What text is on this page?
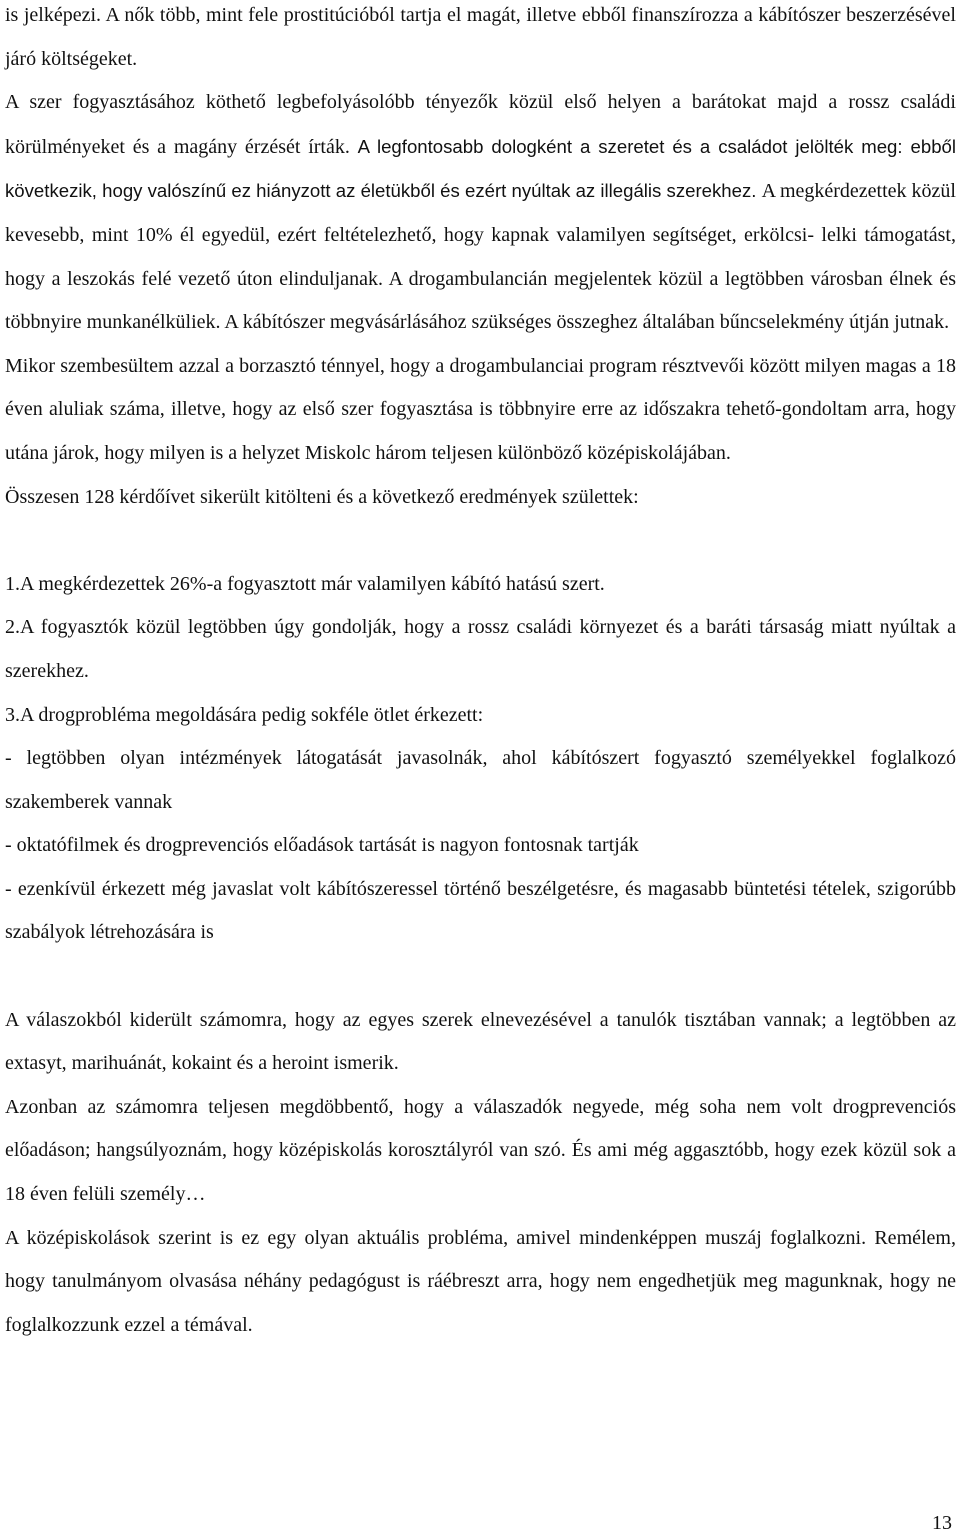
is jelképezi. A nők több, mint fele prostitúcióból tartja el magát, illetve ebből finanszírozza a kábítószer beszerzésével járó költségeket.

A szer fogyasztásához köthető legbefolyásolóbb tényezők közül első helyen a barátokat majd a rossz családi körülményeket és a magány érzését írták. A legfontosabb dologként a szeretet és a családot jelölték meg: ebből következik, hogy valószínű ez hiányzott az életükből és ezért nyúltak az illegális szerekhez. A megkérdezettek közül kevesebb, mint 10% él egyedül, ezért feltételezhető, hogy kapnak valamilyen segítséget, erkölcsi- lelki támogatást, hogy a leszokás felé vezető úton elinduljanak. A drogambulancián megjelentek közül a legtöbben városban élnek és többnyire munkanélküliek. A kábítószer megvásárlásához szükséges összeghez általában bűncselekmény útján jutnak.

Mikor szembesültem azzal a borzasztó ténnyel, hogy a drogambulanciai program résztvevői között milyen magas a 18 éven aluliak száma, illetve, hogy az első szer fogyasztása is többnyire erre az időszakra tehető-gondoltam arra, hogy utána járok, hogy milyen is a helyzet Miskolc három teljesen különböző középiskolájában.

Összesen 128 kérdőívet sikerült kitölteni és a következő eredmények születtek:

1.A megkérdezettek 26%-a fogyasztott már valamilyen kábító hatású szert.

2.A fogyasztók közül legtöbben úgy gondolják, hogy a rossz családi környezet és a baráti társaság miatt nyúltak a szerekhez.

3.A drogprobléma megoldására pedig sokféle ötlet érkezett:

- legtöbben olyan intézmények látogatását javasolnák, ahol kábítószert fogyasztó személyekkel foglalkozó szakemberek vannak

- oktatófilmek és drogprevenciós előadások tartását is nagyon fontosnak tartják

- ezenkívül érkezett még javaslat volt kábítószeressel történő beszélgetésre, és magasabb büntetési tételek, szigorúbb szabályok létrehozására is

A válaszokból kiderült számomra, hogy az egyes szerek elnevezésével a tanulók tisztában vannak; a legtöbben az extasyt, marihuánát, kokaint és a heroint ismerik.

Azonban az számomra teljesen megdöbbentő, hogy a válaszadók negyede, még soha nem volt drogprevenciós előadáson; hangsúlyoznám, hogy középiskolás korosztályról van szó. És ami még aggasztóbb, hogy ezek közül sok a 18 éven felüli személy…

A középiskolások szerint is ez egy olyan aktuális probléma, amivel mindenképpen muszáj foglalkozni. Remélem, hogy tanulmányom olvasása néhány pedagógust is ráébreszt arra, hogy nem engedhetjük meg magunknak, hogy ne foglalkozzunk ezzel a témával.

13
